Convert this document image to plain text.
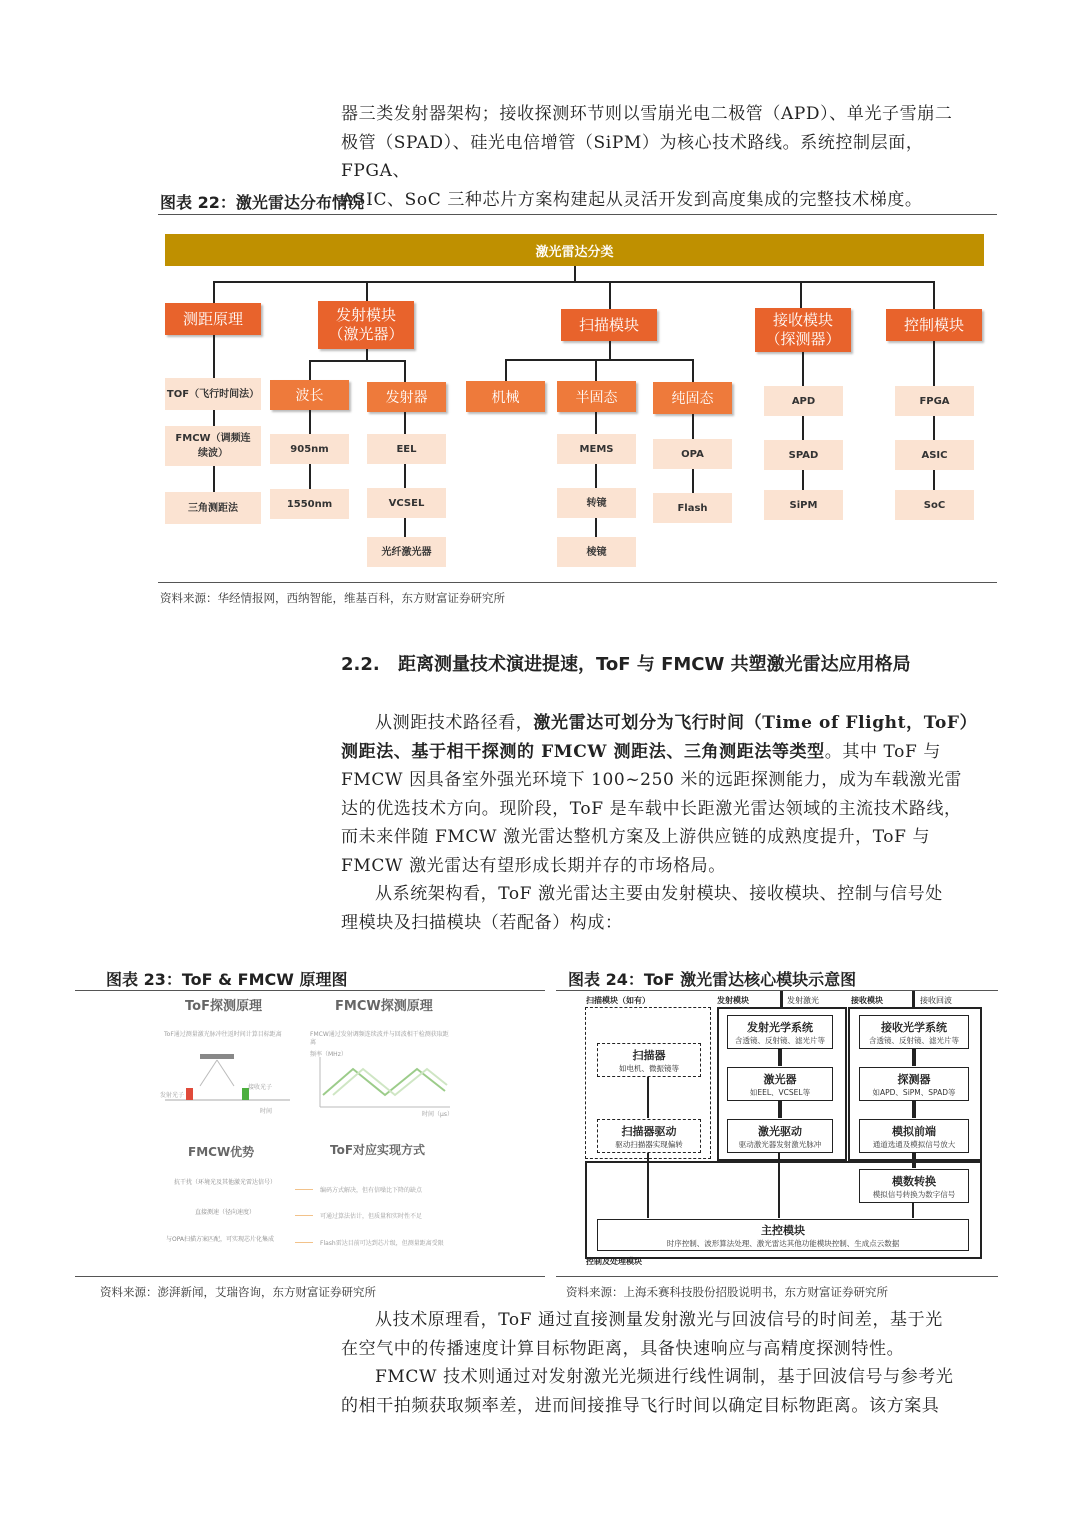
器三类发射器架构；接收探测环节则以雪崩光电二极管（APD）、单光子雪崩二

极管（SPAD）、硅光电倍增管（SiPM）为核心技术路线。系统控制层面，FPGA、

ASIC、SoC 三种芯片方案构建起从灵活开发到高度集成的完整技术梯度。

图表 22：激光雷达分布情况
激光雷达分类
测距原理	发射模块
（激光器）
扫描模块	接收模块
（探测器）
控制模块
TOF（飞行时间法）
FMCW（调频连续波）
三角测距法
波长	发射器
905nm
1550nm
EEL
VCSEL
光纤激光器
机械	半固态	纯固态
MEMS
转镜
棱镜
OPA
Flash
APD
SPAD
SiPM
FPGA
ASIC
SoC
资料来源：华经情报网，西纳智能，维基百科，东方财富证券研究所
2.2. 距离测量技术演进提速，ToF 与 FMCW 共塑激光雷达应用格局

从测距技术路径看，激光雷达可划分为飞行时间（Time of Flight，ToF）

测距法、基于相干探测的 FMCW 测距法、三角测距法等类型。其中 ToF 与

FMCW 因具备室外强光环境下 100~250 米的远距探测能力，成为车载激光雷

达的优选技术方向。现阶段，ToF 是车载中长距激光雷达领域的主流技术路线，

而未来伴随 FMCW 激光雷达整机方案及上游供应链的成熟度提升，ToF 与

FMCW 激光雷达有望形成长期并存的市场格局。

从系统架构看，ToF 激光雷达主要由发射模块、接收模块、控制与信号处

理模块及扫描模块（若配备）构成：

图表 23：ToF & FMCW 原理图
ToF探测原理	FMCW探测原理
ToF通过测量激光脉冲往返时间计算目标距离	FMCW通过发射调频连续波并与回波相干检测获取距离
发射光子
接收光子
时间
频率（MHz）
时间（μs）
FMCW优势	ToF对应实现方式
抗干扰（环境光及其他激光雷达信号）
直接测速（径向速度）
与OPA扫描方案匹配，可实现芯片化集成
编码方式解决，但有信噪比下降的缺点
可通过算法估计，但质量和实时性不足
Flash雷达目前可达到芯片级，但测量距离受限
资料来源：澎湃新闻，艾瑞咨询，东方财富证券研究所
图表 24：ToF 激光雷达核心模块示意图
扫描模块（如有）	发射模块	发射激光	接收模块	接收回波
控制及处理模块
扫描器
如电机、微振镜等
扫描器驱动
驱动扫描器实现偏转
发射光学系统
含透镜、反射镜、滤光片等
激光器
如EEL、VCSEL等
激光驱动
驱动激光器发射激光脉冲
接收光学系统
含透镜、反射镜、滤光片等
探测器
如APD、SiPM、SPAD等
模拟前端
通道选通及模拟信号放大
模数转换
模拟信号转换为数字信号
主控模块
时序控制、波形算法处理、激光雷达其他功能模块控制、生成点云数据
资料来源：上海禾赛科技股份招股说明书，东方财富证券研究所

从技术原理看，ToF 通过直接测量发射激光与回波信号的时间差，基于光

在空气中的传播速度计算目标物距离，具备快速响应与高精度探测特性。

FMCW 技术则通过对发射激光光频进行线性调制，基于回波信号与参考光

的相干拍频获取频率差，进而间接推导飞行时间以确定目标物距离。该方案具
